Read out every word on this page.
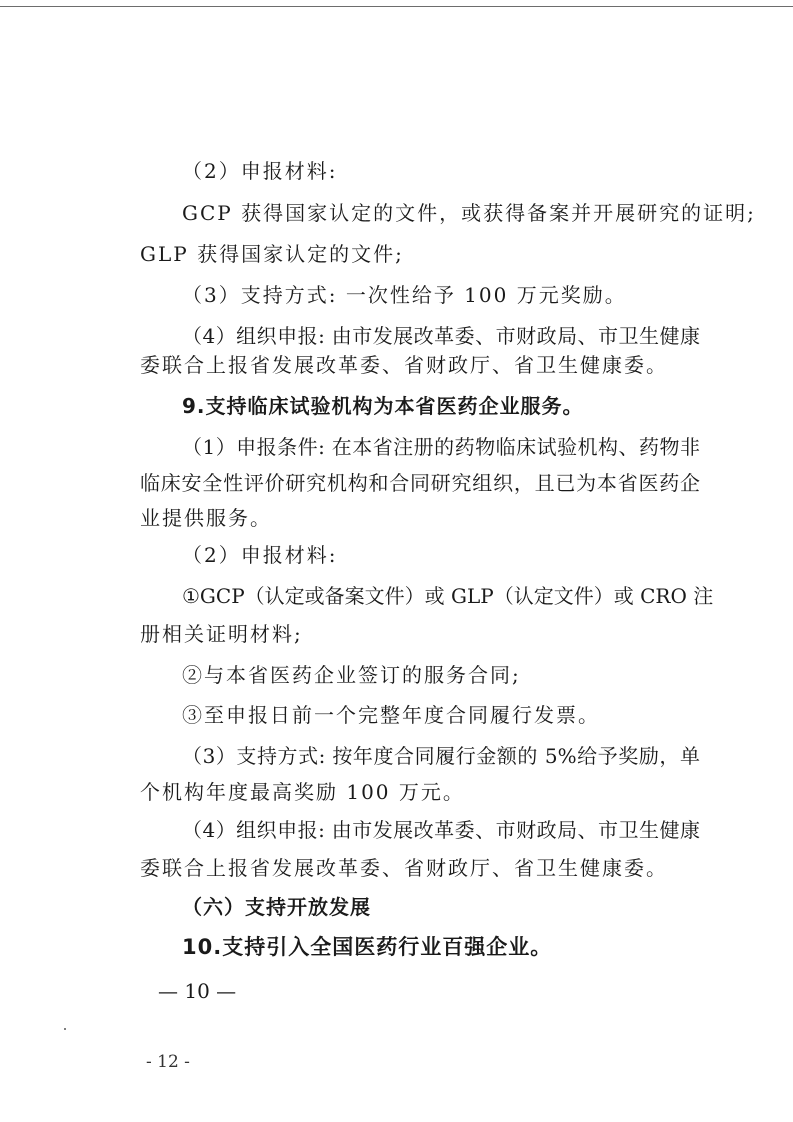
（2）申报材料:
GCP 获得国家认定的文件，或获得备案并开展研究的证明;
GLP 获得国家认定的文件;
（3）支持方式: 一次性给予 100 万元奖励。
（4）组织申报: 由市发展改革委、市财政局、市卫生健康
委联合上报省发展改革委、省财政厅、省卫生健康委。
9.支持临床试验机构为本省医药企业服务。
（1）申报条件: 在本省注册的药物临床试验机构、药物非
临床安全性评价研究机构和合同研究组织，且已为本省医药企
业提供服务。
（2）申报材料:
①GCP（认定或备案文件）或 GLP（认定文件）或 CRO 注
册相关证明材料;
②与本省医药企业签订的服务合同;
③至申报日前一个完整年度合同履行发票。
（3）支持方式: 按年度合同履行金额的 5%给予奖励，单
个机构年度最高奖励 100 万元。
（4）组织申报: 由市发展改革委、市财政局、市卫生健康
委联合上报省发展改革委、省财政厅、省卫生健康委。
（六）支持开放发展
10.支持引入全国医药行业百强企业。
— 10 —
- 12 -
